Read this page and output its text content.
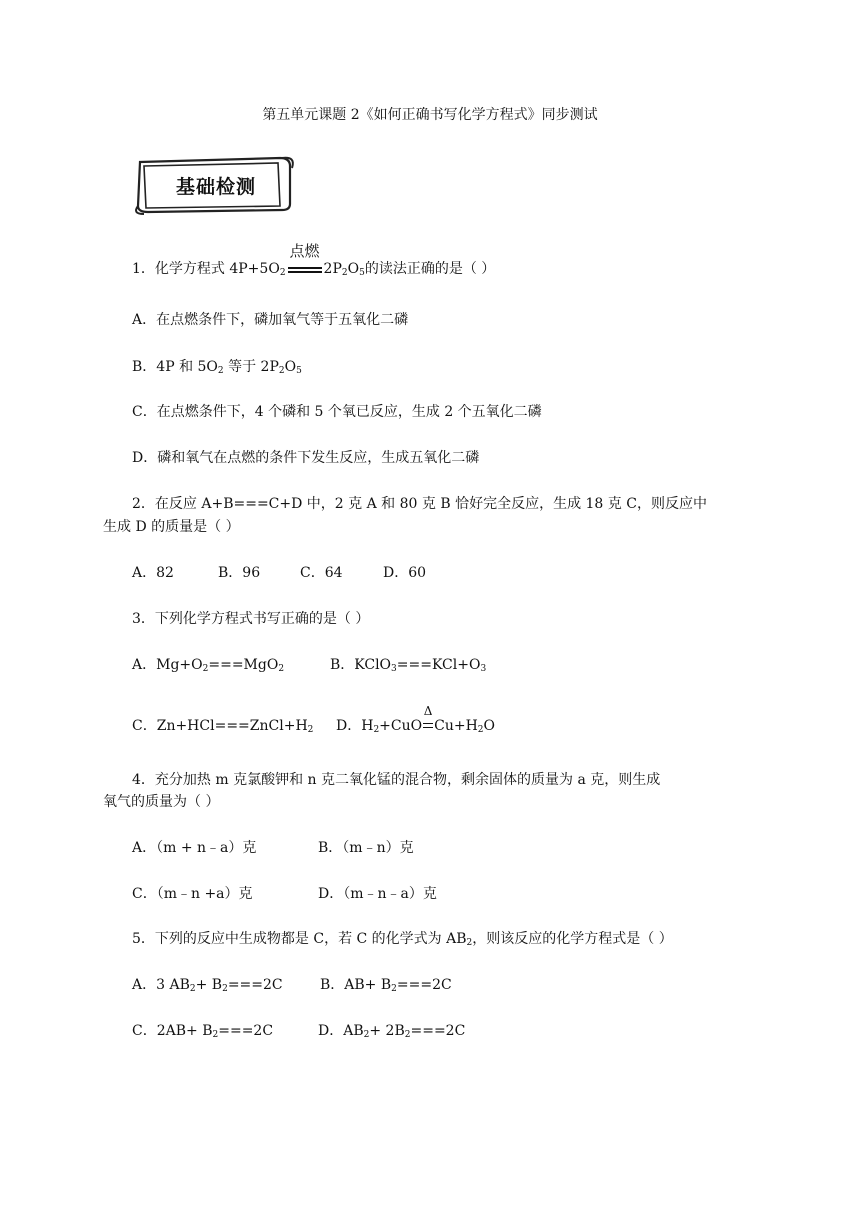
第五单元课题 2《如何正确书写化学方程式》同步测试
基础检测
1．化学方程式 $4P+5O_2$
点燃
$2P_2O_5$的读法正确的是（ ）
A．在点燃条件下，磷加氧气等于五氧化二磷
B．4P 和 $5O_2$ 等于 $2P_2O_5$
C．在点燃条件下，4 个磷和 5 个氧已反应，生成 2 个五氧化二磷
D．磷和氧气在点燃的条件下发生反应，生成五氧化二磷
2．在反应 A+B===C+D 中，2 克 A 和 80 克 B 恰好完全反应，生成 18 克 C，则反应中
生成 D 的质量是（ ）
A．82	B．96	C．64	D．60
3．下列化学方程式书写正确的是（ ）
A．$Mg+O_2===MgO_2$	B．$KClO_3===KCl+O_3$
C．$Zn+HCl===ZnCl+H_2$ D．$H_2+CuO$
Δ
$Cu+H_2O$
4．充分加热 m 克氯酸钾和 n 克二氧化锰的混合物，剩余固体的质量为 a 克，则生成
氧气的质量为（ ）
A．（m + n﹣a）克	B．（m﹣n）克
C．（m﹣n +a）克	D．（m﹣n﹣a）克
5．下列的反应中生成物都是 C，若 C 的化学式为 $AB_2$，则该反应的化学方程式是（ ）
A．3 $AB_2+ B_2===2C$	B．$AB+ B_2===2C$
C．$2AB+ B_2===2C$	D．$AB_2+ 2B_2===2C$
